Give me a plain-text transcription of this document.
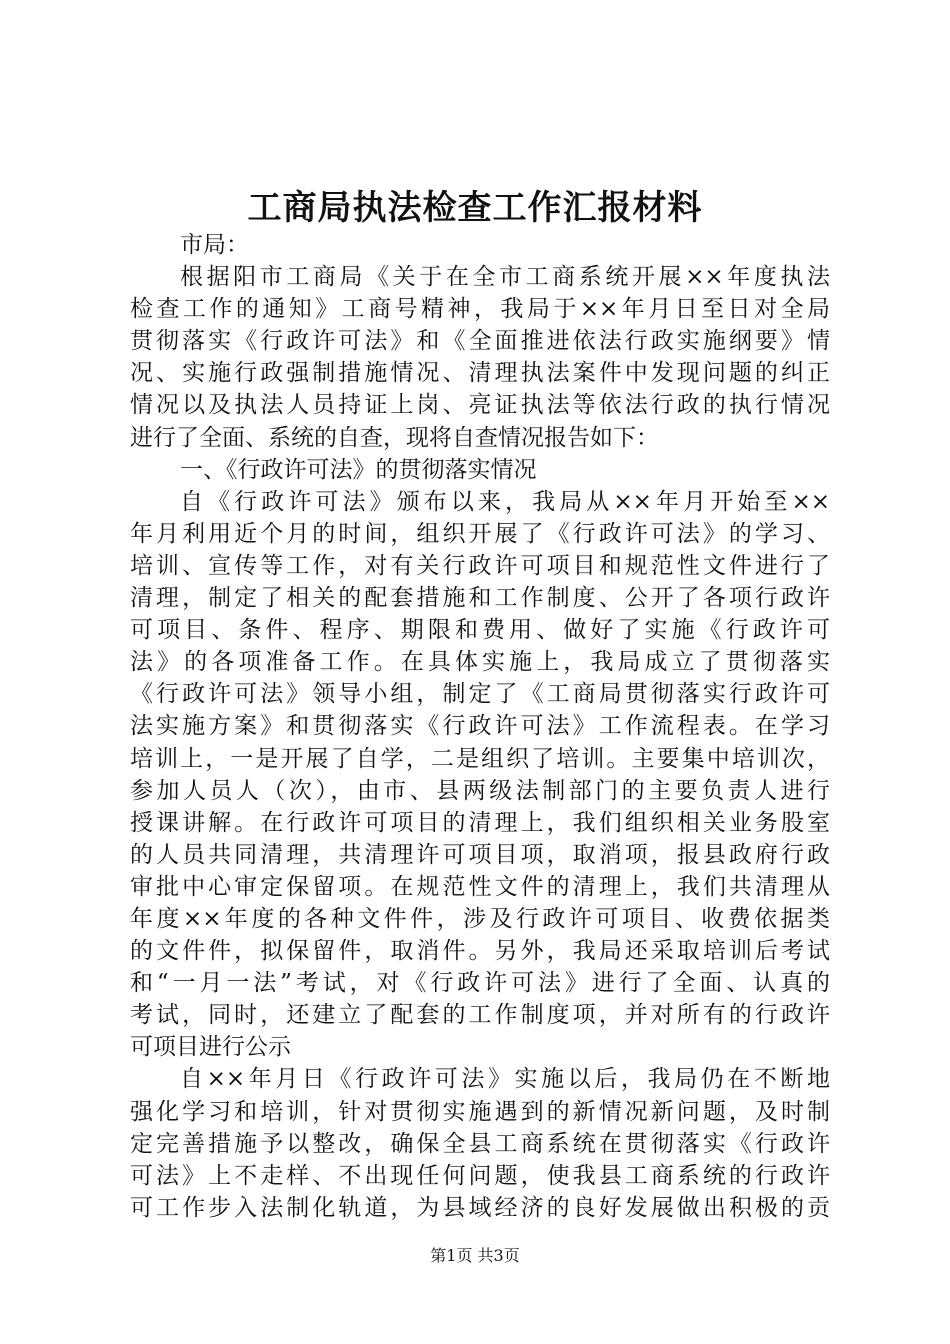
工商局执法检查工作汇报材料
市局：
根据阳市工商局《关于在全市工商系统开展××年度执法
检查工作的通知》工商号精神，我局于××年月日至日对全局
贯彻落实《行政许可法》和《全面推进依法行政实施纲要》情
况、实施行政强制措施情况、清理执法案件中发现问题的纠正
情况以及执法人员持证上岗、亮证执法等依法行政的执行情况
进行了全面、系统的自查，现将自查情况报告如下：
一、《行政许可法》的贯彻落实情况
自《行政许可法》颁布以来，我局从××年月开始至××
年月利用近个月的时间，组织开展了《行政许可法》的学习、
培训、宣传等工作，对有关行政许可项目和规范性文件进行了
清理，制定了相关的配套措施和工作制度、公开了各项行政许
可项目、条件、程序、期限和费用、做好了实施《行政许可
法》的各项准备工作。在具体实施上，我局成立了贯彻落实
《行政许可法》领导小组，制定了《工商局贯彻落实行政许可
法实施方案》和贯彻落实《行政许可法》工作流程表。在学习
培训上，一是开展了自学，二是组织了培训。主要集中培训次，
参加人员人（次），由市、县两级法制部门的主要负责人进行
授课讲解。在行政许可项目的清理上，我们组织相关业务股室
的人员共同清理，共清理许可项目项，取消项，报县政府行政
审批中心审定保留项。在规范性文件的清理上，我们共清理从
年度××年度的各种文件件，涉及行政许可项目、收费依据类
的文件件，拟保留件，取消件。另外，我局还采取培训后考试
和“一月一法”考试，对《行政许可法》进行了全面、认真的
考试，同时，还建立了配套的工作制度项，并对所有的行政许
可项目进行公示
自××年月日《行政许可法》实施以后，我局仍在不断地
强化学习和培训，针对贯彻实施遇到的新情况新问题，及时制
定完善措施予以整改，确保全县工商系统在贯彻落实《行政许
可法》上不走样、不出现任何问题，使我县工商系统的行政许
可工作步入法制化轨道，为县域经济的良好发展做出积极的贡
第1页 共3页
